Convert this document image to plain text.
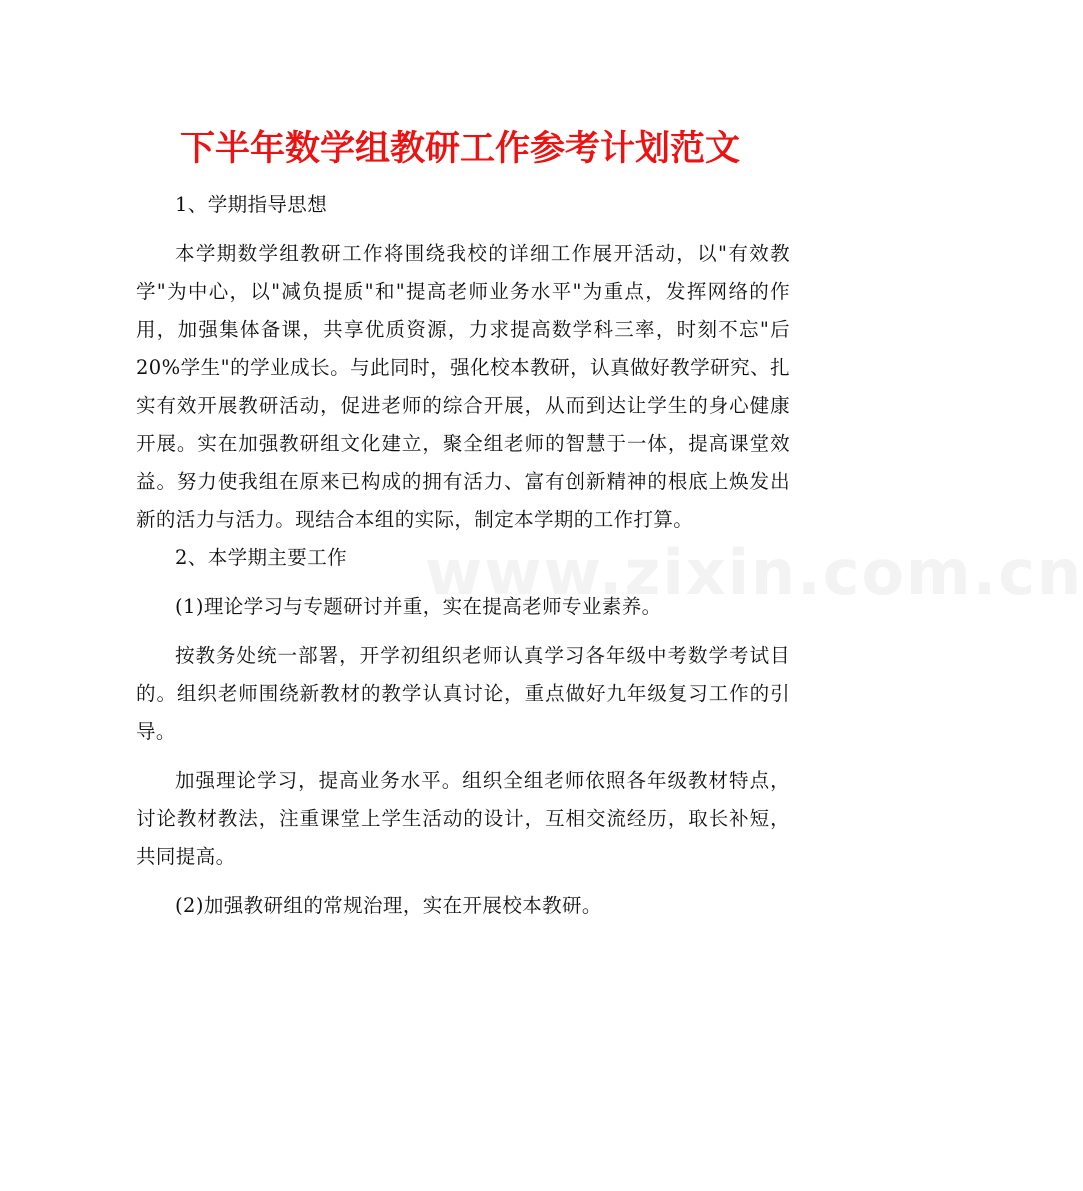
下半年数学组教研工作参考计划范文

1、学期指导思想

本学期数学组教研工作将围绕我校的详细工作展开活动，以"有效教学"为中心，以"减负提质"和"提高老师业务水平"为重点，发挥网络的作用，加强集体备课，共享优质资源，力求提高数学科三率，时刻不忘"后 20%学生"的学业成长。与此同时，强化校本教研，认真做好教学研究、扎实有效开展教研活动，促进老师的综合开展，从而到达让学生的身心健康开展。实在加强教研组文化建立，聚全组老师的智慧于一体，提高课堂效益。努力使我组在原来已构成的拥有活力、富有创新精神的根底上焕发出新的活力与活力。现结合本组的实际，制定本学期的工作打算。

2、本学期主要工作

(1)理论学习与专题研讨并重，实在提高老师专业素养。

按教务处统一部署，开学初组织老师认真学习各年级中考数学考试目的。组织老师围绕新教材的教学认真讨论，重点做好九年级复习工作的引导。

加强理论学习，提高业务水平。组织全组老师依照各年级教材特点，讨论教材教法，注重课堂上学生活动的设计，互相交流经历，取长补短，共同提高。

(2)加强教研组的常规治理，实在开展校本教研。

www.zixin.com.cn
